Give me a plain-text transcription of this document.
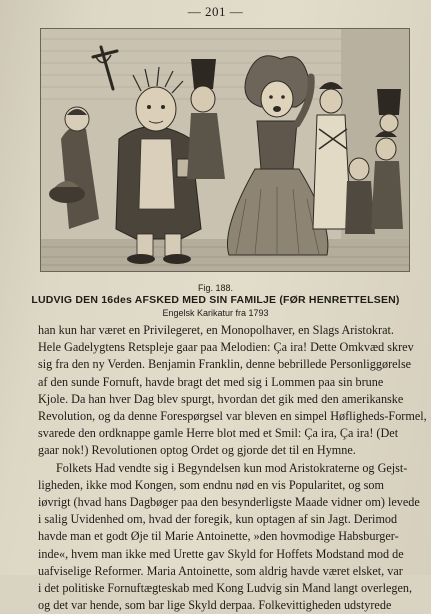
— 201 —
Fig. 188.
LUDVIG DEN 16des AFSKED MED SIN FAMILJE (FØR HENRETTELSEN)
Engelsk Karikatur fra 1793
han kun har været en Privilegeret, en Monopolhaver, en Slags Aristokrat.
Hele Gadelygtens Retspleje gaar paa Melodien: Ça ira! Dette Omkvæd skrev
sig fra den ny Verden. Benjamin Franklin, denne bebrillede Personliggørelse
af den sunde Fornuft, havde bragt det med sig i Lommen paa sin brune
Kjole. Da han hver Dag blev spurgt, hvordan det gik med den amerikanske
Revolution, og da denne Forespørgsel var bleven en simpel Høfligheds-Formel,
svarede den ordknappe gamle Herre blot med et Smil: Ça ira, Ça ira! (Det
gaar nok!) Revolutionen optog Ordet og gjorde det til en Hymne.
Folkets Had vendte sig i Begyndelsen kun mod Aristokraterne og Gejst-
ligheden, ikke mod Kongen, som endnu nød en vis Popularitet, og som
iøvrigt (hvad hans Dagbøger paa den besynderligste Maade vidner om) levede
i salig Uvidenhed om, hvad der foregik, kun optagen af sin Jagt. Derimod
havde man et godt Øje til Marie Antoinette, »den hovmodige Habsburger-
inde«, hvem man ikke med Urette gav Skyld for Hoffets Modstand mod de
uafviselige Reformer. Maria Antoinette, som aldrig havde været elsket, var
i det politiske Fornuftægteskab med Kong Ludvig sin Mand langt overlegen,
og det var hende, som bar lige Skyld derpaa. Folkevittigheden udstyrede
